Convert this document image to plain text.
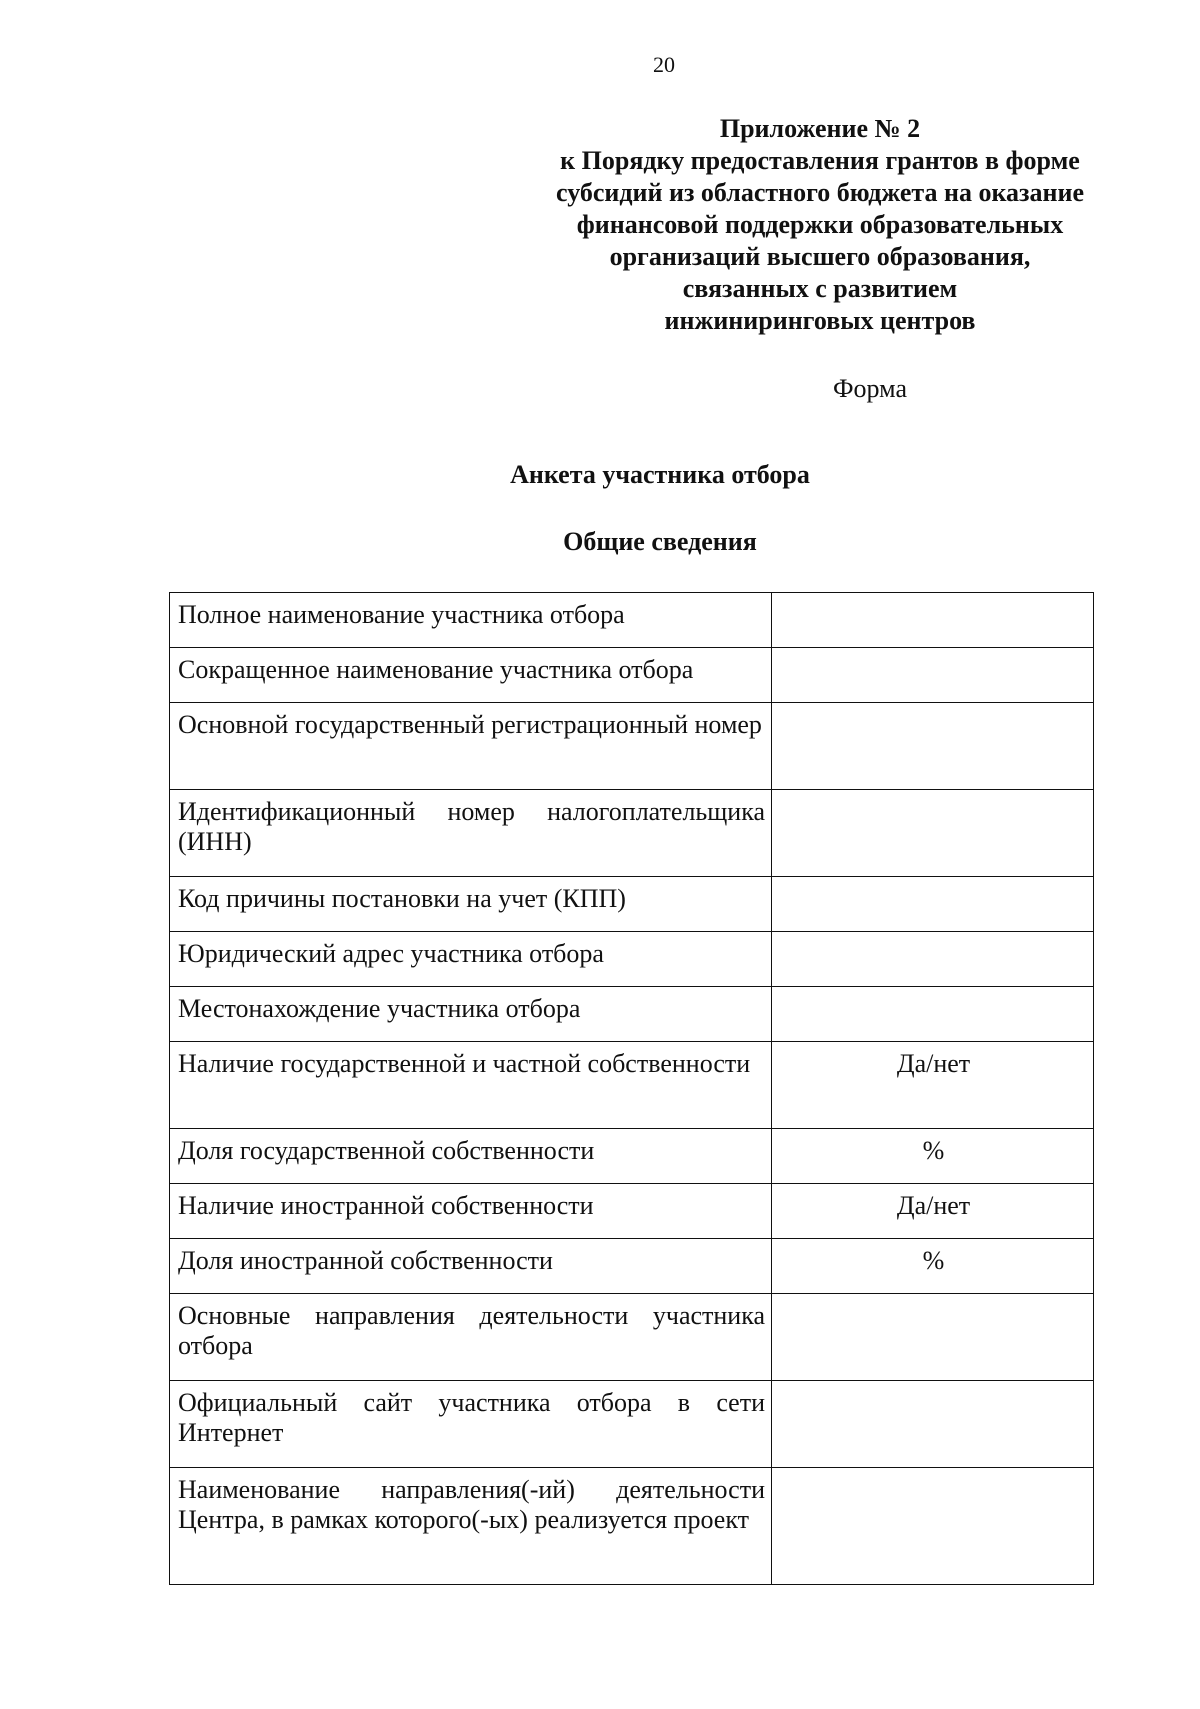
20
Приложение № 2
к Порядку предоставления грантов в форме
субсидий из областного бюджета на оказание
финансовой поддержки образовательных
организаций высшего образования,
связанных с развитием
инжиниринговых центров
Форма
Анкета участника отбора
Общие сведения
Полное наименование участника отбора	
Сокращенное наименование участника отбора	
Основной государственный регистрационный номер	
Идентификационный номер налогоплательщика (ИНН)	
Код причины постановки на учет (КПП)	
Юридический адрес участника отбора	
Местонахождение участника отбора	
Наличие государственной и частной собственности	Да/нет
Доля государственной собственности	%
Наличие иностранной собственности	Да/нет
Доля иностранной собственности	%
Основные направления деятельности участника отбора	
Официальный сайт участника отбора в сети Интернет	
Наименование направления(-ий) деятельности Центра, в рамках которого(-ых) реализуется проект	
